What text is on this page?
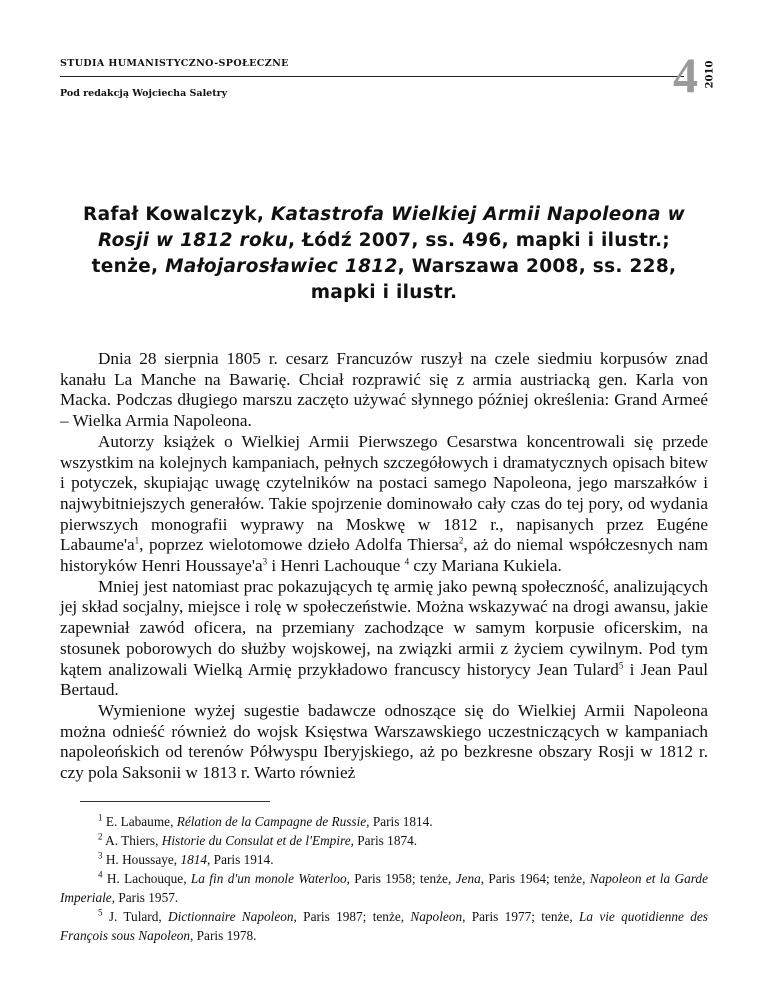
STUDIA HUMANISTYCZNO-SPOŁECZNE
Pod redakcją Wojciecha Saletry	4 2010
Rafał Kowalczyk, Katastrofa Wielkiej Armii Napoleona w Rosji w 1812 roku, Łódź 2007, ss. 496, mapki i ilustr.; tenże, Małojarosławiec 1812, Warszawa 2008, ss. 228, mapki i ilustr.

Dnia 28 sierpnia 1805 r. cesarz Francuzów ruszył na czele siedmiu korpusów znad kanału La Manche na Bawarię. Chciał rozprawić się z armia austriacką gen. Karla von Macka. Podczas długiego marszu zaczęto używać słynnego później określenia: Grand Armeé – Wielka Armia Napoleona.

Autorzy książek o Wielkiej Armii Pierwszego Cesarstwa koncentrowali się przede wszystkim na kolejnych kampaniach, pełnych szczegółowych i dramatycznych opisach bitew i potyczek, skupiając uwagę czytelników na postaci samego Napoleona, jego marszałków i najwybitniejszych generałów. Takie spojrzenie dominowało cały czas do tej pory, od wydania pierwszych monografii wyprawy na Moskwę w 1812 r., napisanych przez Eugéne $Labaume'a^1$, poprzez wielotomowe dzieło Adolfa Thiersa$^2$, aż do niemal współczesnych nam historyków Henri $Houssaye'a^3$ i Henri Lachouque $^4$ czy Mariana Kukiela.

Mniej jest natomiast prac pokazujących tę armię jako pewną społeczność, analizujących jej skład socjalny, miejsce i rolę w społeczeństwie. Można wskazywać na drogi awansu, jakie zapewniał zawód oficera, na przemiany zachodzące w samym korpusie oficerskim, na stosunek poborowych do służby wojskowej, na związki armii z życiem cywilnym. Pod tym kątem analizowali Wielką Armię przykładowo francuscy historycy Jean Tulard$^5$ i Jean Paul Bertaud.

Wymienione wyżej sugestie badawcze odnoszące się do Wielkiej Armii Napoleona można odnieść również do wojsk Księstwa Warszawskiego uczestniczących w kampaniach napoleońskich od terenów Półwyspu Iberyjskiego, aż po bezkresne obszary Rosji w 1812 r. czy pola Saksonii w 1813 r. Warto również

$^1$ E. Labaume, Rélation de la Campagne de Russie, Paris 1814.

$^2$ A. Thiers, Historie du Consulat et de l'Empire, Paris 1874.

$^3$ H. Houssaye, 1814, Paris 1914.

$^4$ H. Lachouque, La fin d'un monole Waterloo, Paris 1958; tenże, Jena, Paris 1964; tenże, Napoleon et la Garde Imperiale, Paris 1957.

$^5$ J. Tulard, Dictionnaire Napoleon, Paris 1987; tenże, Napoleon, Paris 1977; tenże, La vie quotidienne des François sous Napoleon, Paris 1978.
